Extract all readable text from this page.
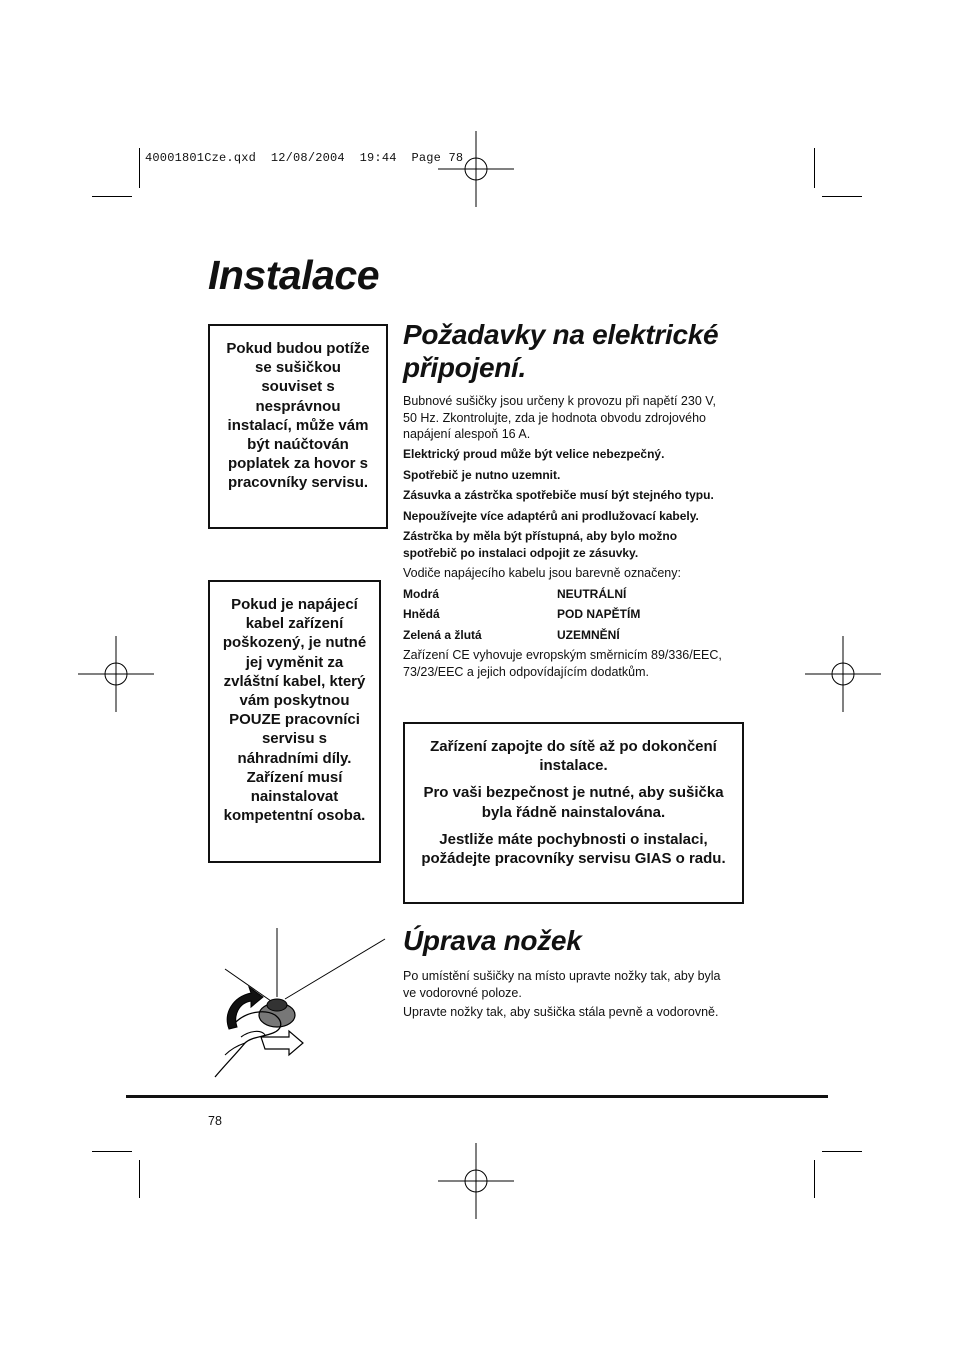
40001801Cze.qxd  12/08/2004  19:44  Page 78
Instalace
Pokud budou potíže se sušičkou souviset s nesprávnou instalací, může vám být naúčtován poplatek za hovor s pracovníky servisu.
Pokud je napájecí kabel zařízení poškozený, je nutné jej vyměnit za zvláštní kabel, který vám poskytnou POUZE pracovníci servisu s náhradními díly. Zařízení musí nainstalovat kompetentní osoba.
Požadavky na elektrické
připojení.

Bubnové sušičky jsou určeny k provozu při napětí 230 V,
50 Hz. Zkontrolujte, zda je hodnota obvodu zdrojového
napájení alespoň 16 A.

Elektrický proud může být velice nebezpečný.

Spotřebič je nutno uzemnit.

Zásuvka a zástrčka spotřebiče musí být stejného typu.

Nepoužívejte více adaptérů ani prodlužovací kabely.

Zástrčka by měla být přístupná, aby bylo možno
spotřebič po instalaci odpojit ze zásuvky.

Vodiče napájecího kabelu jsou barevně označeny:

Modrá	NEUTRÁLNÍ
Hnědá	POD NAPĚTÍM
Zelená a žlutá	UZEMNĚNÍ

Zařízení CE vyhovuje evropským směrnicím 89/336/EEC,
73/23/EEC a jejich odpovídajícím dodatkům.

Zařízení zapojte do sítě až po dokončení instalace.

Pro vaši bezpečnost je nutné, aby sušička byla řádně nainstalována.

Jestliže máte pochybnosti o instalaci, požádejte pracovníky servisu GIAS o radu.

Úprava nožek

Po umístění sušičky na místo upravte nožky tak, aby byla
ve vodorovné poloze.

Upravte nožky tak, aby sušička stála pevně a vodorovně.

78
